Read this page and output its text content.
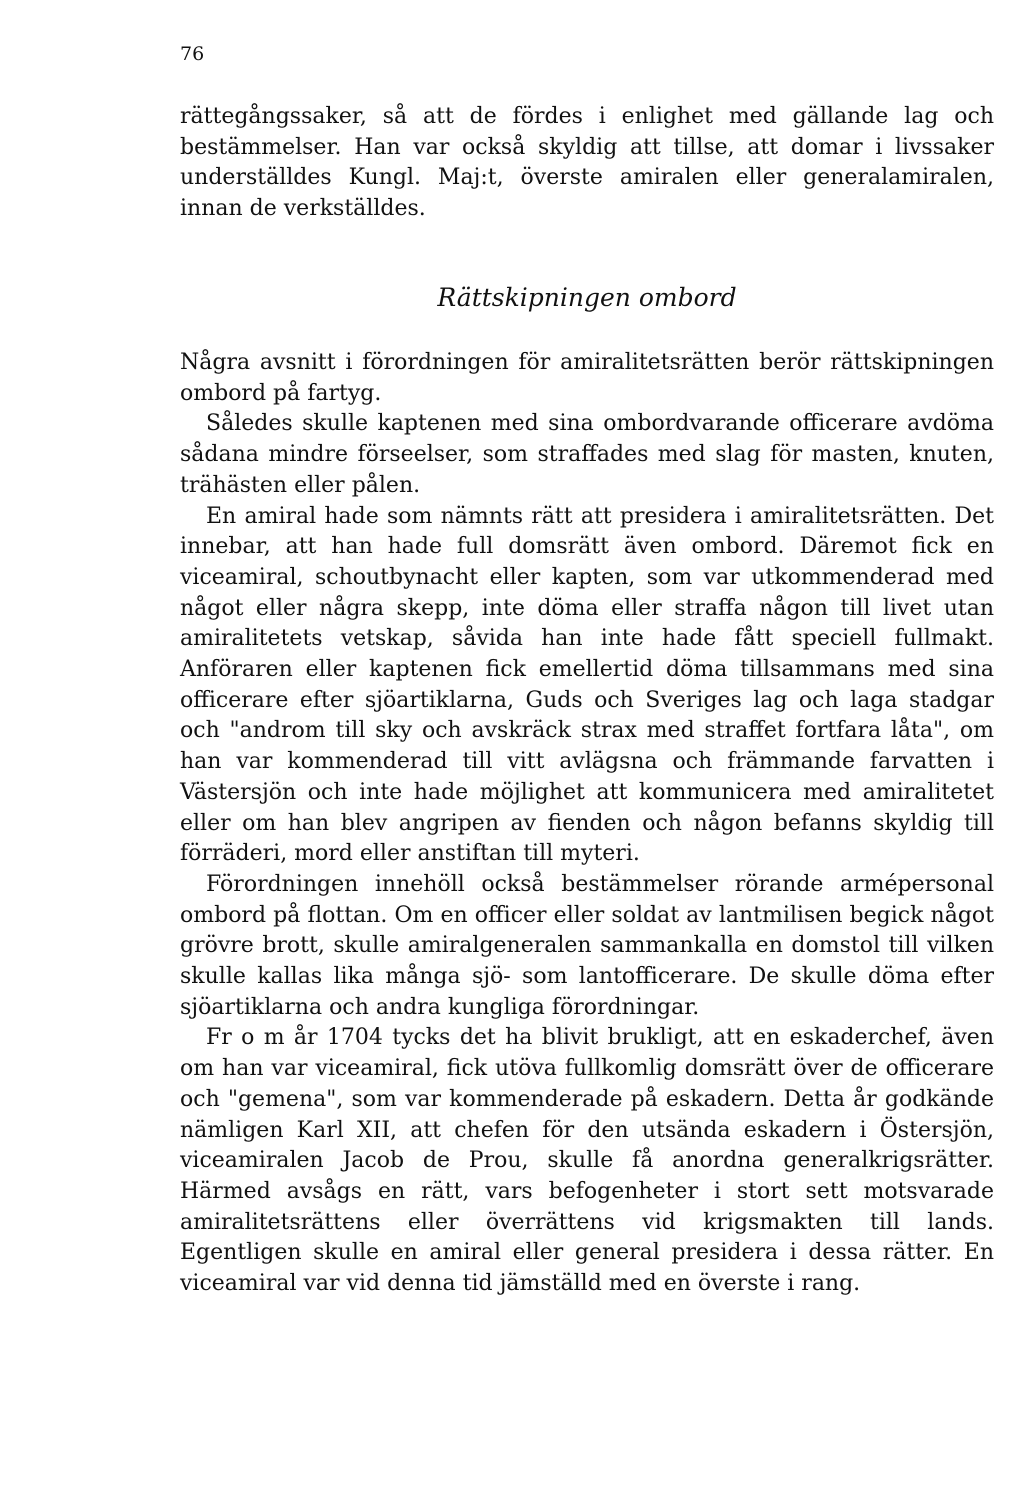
76

rättegångssaker, så att de fördes i enlighet med gällande lag och bestämmelser. Han var också skyldig att tillse, att domar i livssaker underställdes Kungl. Maj:t, överste amiralen eller generalamiralen, innan de verkställdes.

Rättskipningen ombord

Några avsnitt i förordningen för amiralitetsrätten berör rättskipningen ombord på fartyg.

Således skulle kaptenen med sina ombordvarande officerare avdöma sådana mindre förseelser, som straffades med slag för masten, knuten, trähästen eller pålen.

En amiral hade som nämnts rätt att presidera i amiralitetsrätten. Det innebar, att han hade full domsrätt även ombord. Däremot fick en viceamiral, schoutbynacht eller kapten, som var utkommenderad med något eller några skepp, inte döma eller straffa någon till livet utan amiralitetets vetskap, såvida han inte hade fått speciell fullmakt. Anföraren eller kaptenen fick emellertid döma tillsammans med sina officerare efter sjöartiklarna, Guds och Sveriges lag och laga stadgar och "androm till sky och avskräck strax med straffet fortfara låta", om han var kommenderad till vitt avlägsna och främmande farvatten i Västersjön och inte hade möjlighet att kommunicera med amiralitetet eller om han blev angripen av fienden och någon befanns skyldig till förräderi, mord eller anstiftan till myteri.

Förordningen innehöll också bestämmelser rörande armépersonal ombord på flottan. Om en officer eller soldat av lantmilisen begick något grövre brott, skulle amiralgeneralen sammankalla en domstol till vilken skulle kallas lika många sjö- som lantofficerare. De skulle döma efter sjöartiklarna och andra kungliga förordningar.

Fr o m år 1704 tycks det ha blivit brukligt, att en eskaderchef, även om han var viceamiral, fick utöva fullkomlig domsrätt över de officerare och "gemena", som var kommenderade på eskadern. Detta år godkände nämligen Karl XII, att chefen för den utsända eskadern i Östersjön, viceamiralen Jacob de Prou, skulle få anordna generalkrigsrätter. Härmed avsågs en rätt, vars befogenheter i stort sett motsvarade amiralitetsrättens eller överrättens vid krigsmakten till lands. Egentligen skulle en amiral eller general presidera i dessa rätter. En viceamiral var vid denna tid jämställd med en överste i rang.
